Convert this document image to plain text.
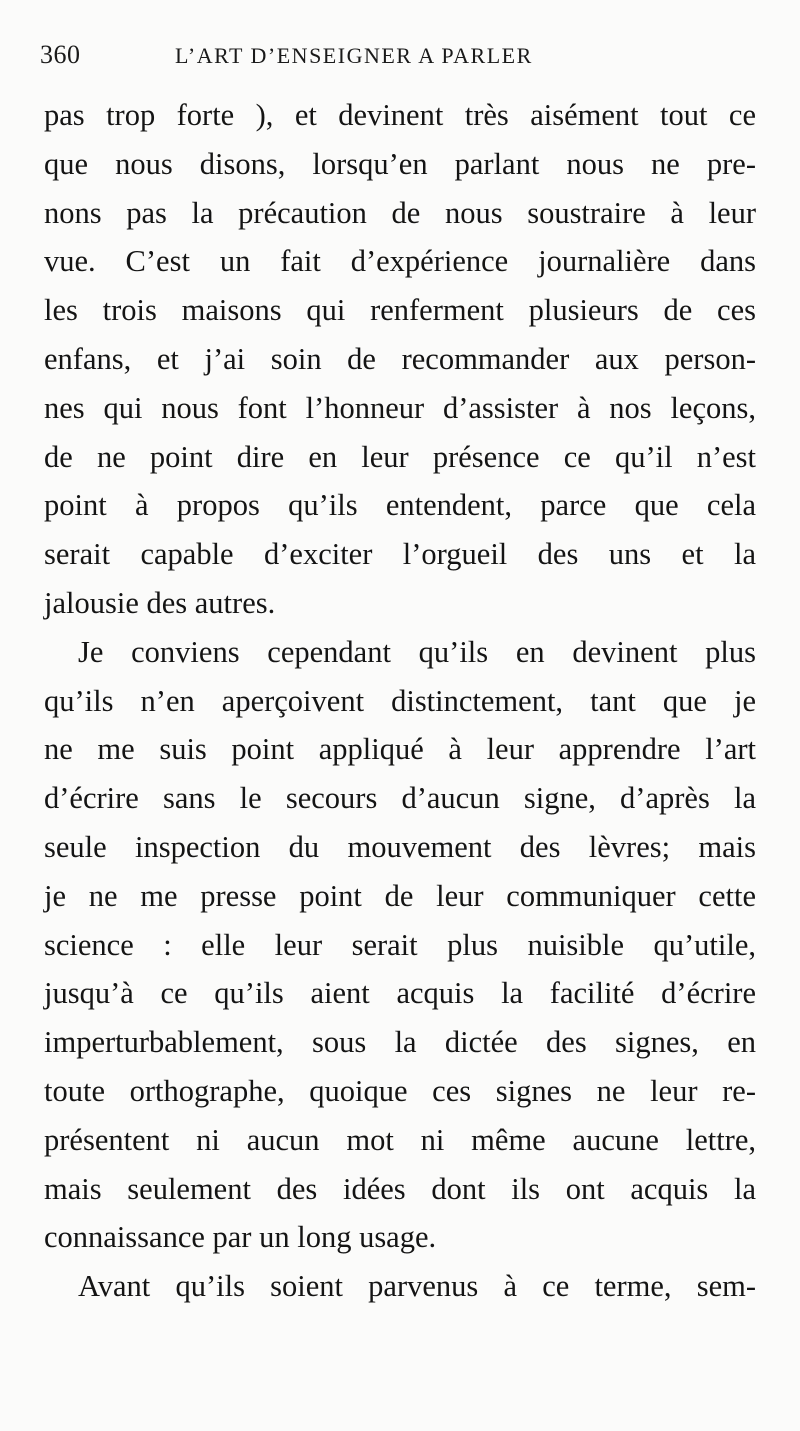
360	L’ART D’ENSEIGNER A PARLER
pas trop forte ), et devinent très aisément tout ce
que nous disons, lorsqu’en parlant nous ne pre-
nons pas la précaution de nous soustraire à leur
vue. C’est un fait d’expérience journalière dans
les trois maisons qui renferment plusieurs de ces
enfans, et j’ai soin de recommander aux person-
nes qui nous font l’honneur d’assister à nos leçons,
de ne point dire en leur présence ce qu’il n’est
point à propos qu’ils entendent, parce que cela
serait capable d’exciter l’orgueil des uns et la
jalousie des autres.
Je conviens cependant qu’ils en devinent plus
qu’ils n’en aperçoivent distinctement, tant que je
ne me suis point appliqué à leur apprendre l’art
d’écrire sans le secours d’aucun signe, d’après la
seule inspection du mouvement des lèvres; mais
je ne me presse point de leur communiquer cette
science : elle leur serait plus nuisible qu’utile,
jusqu’à ce qu’ils aient acquis la facilité d’écrire
imperturbablement, sous la dictée des signes, en
toute orthographe, quoique ces signes ne leur re-
présentent ni aucun mot ni même aucune lettre,
mais seulement des idées dont ils ont acquis la
connaissance par un long usage.
Avant qu’ils soient parvenus à ce terme, sem-
